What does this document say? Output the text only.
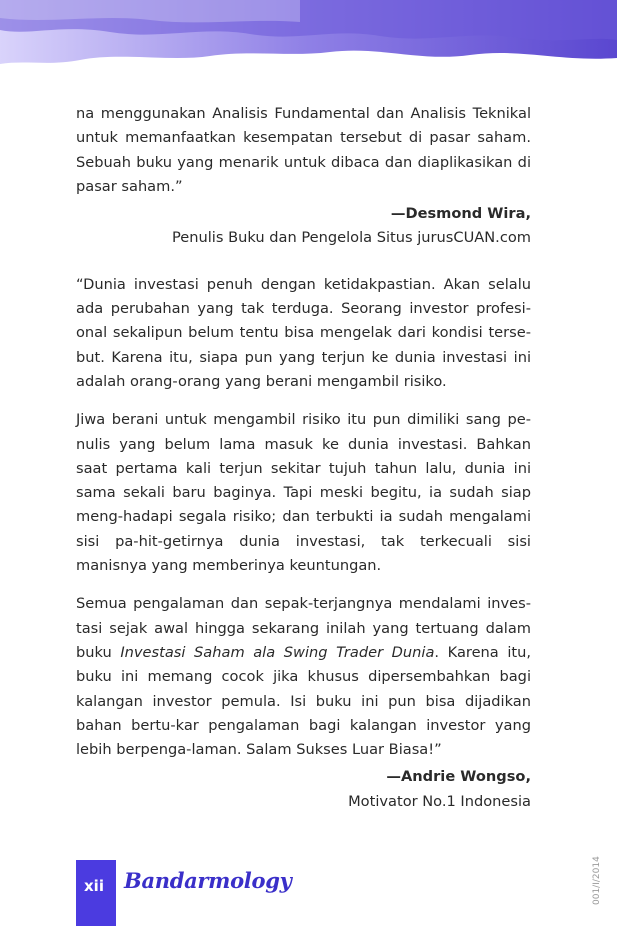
na menggunakan Analisis Fundamental dan Analisis Teknikal untuk memanfaatkan kesempatan tersebut di pasar saham. Sebuah buku yang menarik untuk dibaca dan diaplikasikan di pasar saham.”

—Desmond Wira,

Penulis Buku dan Pengelola Situs jurusCUAN.com

“Dunia investasi penuh dengan ketidakpastian. Akan selalu ada perubahan yang tak terduga. Seorang investor profesi-onal sekalipun belum tentu bisa mengelak dari kondisi terse-but. Karena itu, siapa pun yang terjun ke dunia investasi ini adalah orang-orang yang berani mengambil risiko.

Jiwa berani untuk mengambil risiko itu pun dimiliki sang pe-nulis yang belum lama masuk ke dunia investasi. Bahkan saat pertama kali terjun sekitar tujuh tahun lalu, dunia ini sama sekali baru baginya. Tapi meski begitu, ia sudah siap meng-hadapi segala risiko; dan terbukti ia sudah mengalami sisi pa-hit-getirnya dunia investasi, tak terkecuali sisi manisnya yang memberinya keuntungan.

Semua pengalaman dan sepak-terjangnya mendalami inves-tasi sejak awal hingga sekarang inilah yang tertuang dalam buku Investasi Saham ala Swing Trader Dunia. Karena itu, buku ini memang cocok jika khusus dipersembahkan bagi kalangan investor pemula. Isi buku ini pun bisa dijadikan bahan bertu-kar pengalaman bagi kalangan investor yang lebih berpenga-laman. Salam Sukses Luar Biasa!”

—Andrie Wongso,

Motivator No.1 Indonesia

xii Bandarmology	001/I/2014
